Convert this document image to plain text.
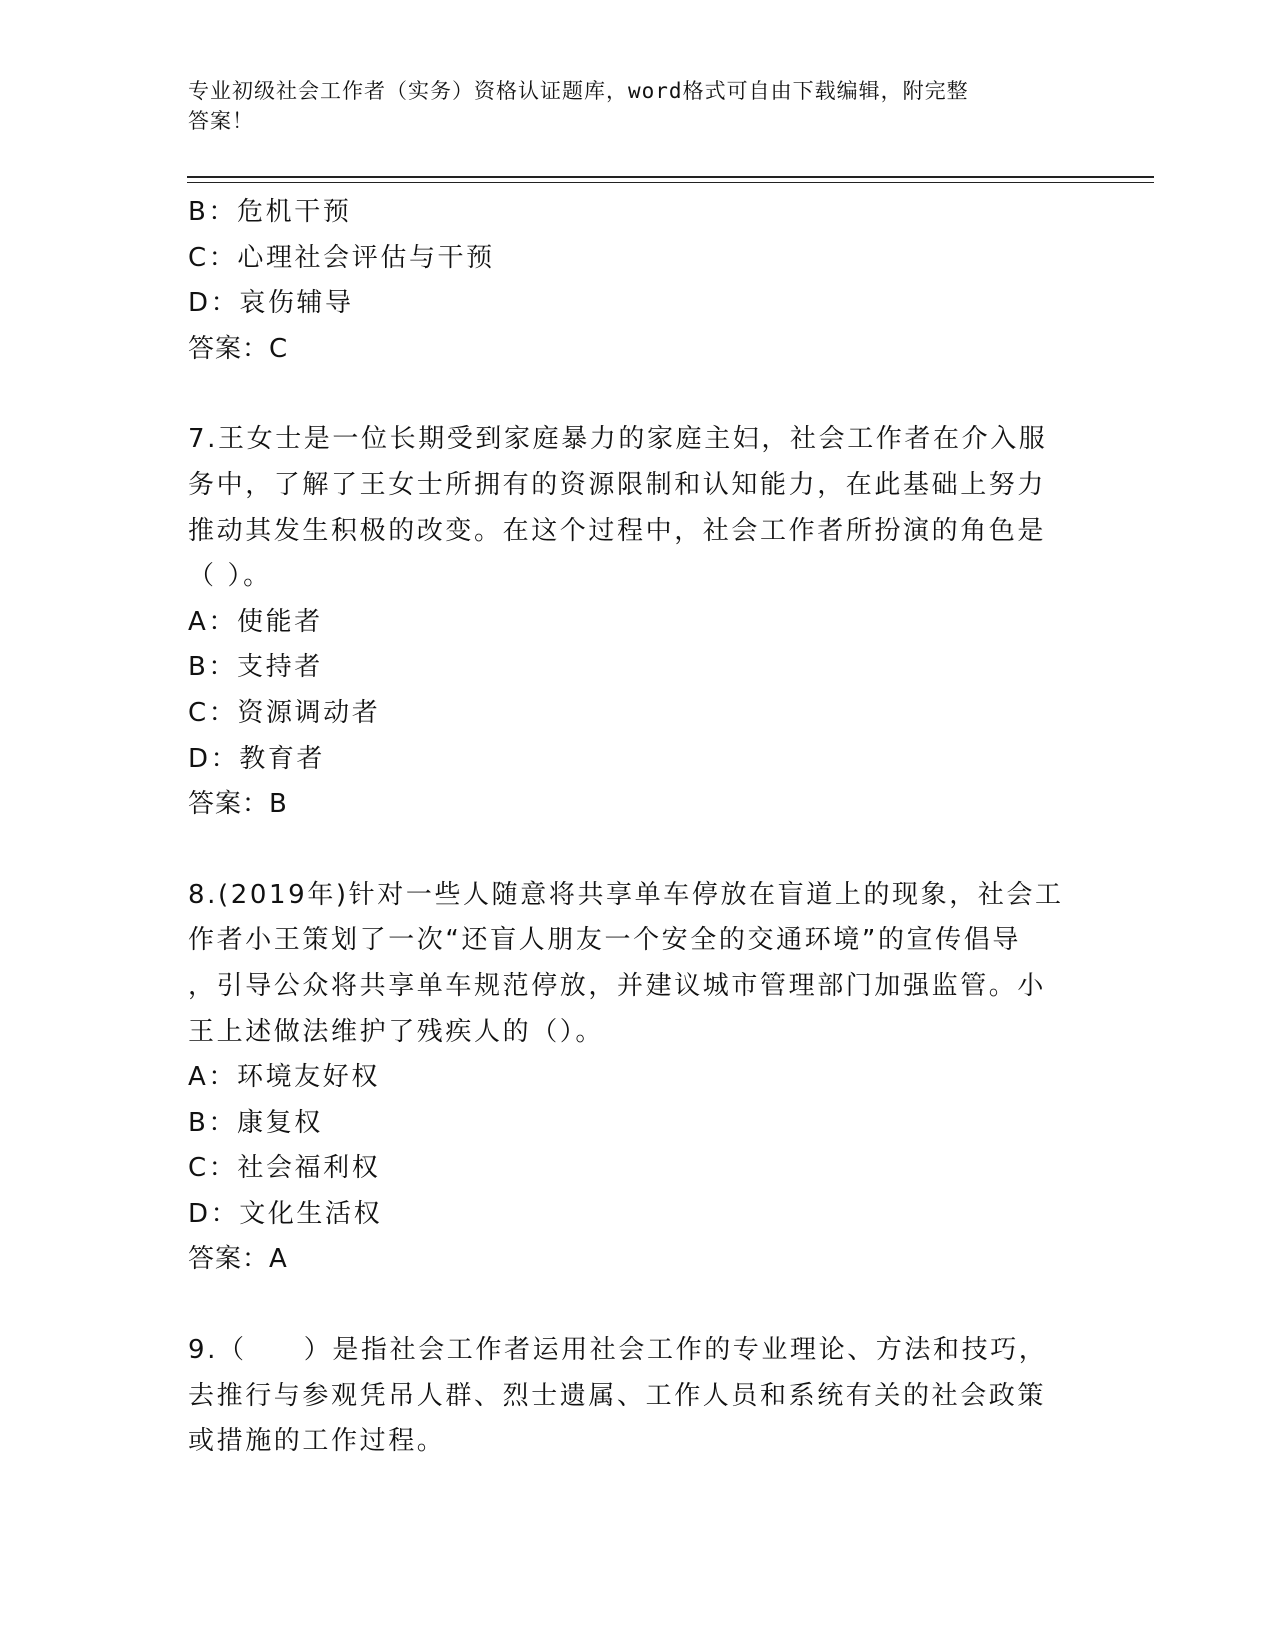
专业初级社会工作者（实务）资格认证题库，word格式可自由下载编辑，附完整
答案！
B：危机干预
C：心理社会评估与干预
D：哀伤辅导
答案：C
7.王女士是一位长期受到家庭暴力的家庭主妇，社会工作者在介入服
务中，了解了王女士所拥有的资源限制和认知能力，在此基础上努力
推动其发生积极的改变。在这个过程中，社会工作者所扮演的角色是
（ ）。
A：使能者
B：支持者
C：资源调动者
D：教育者
答案：B
8.(2019年)针对一些人随意将共享单车停放在盲道上的现象，社会工
作者小王策划了一次“还盲人朋友一个安全的交通环境”的宣传倡导
，引导公众将共享单车规范停放，并建议城市管理部门加强监管。小
王上述做法维护了残疾人的（）。
A：环境友好权
B：康复权
C：社会福利权
D：文化生活权
答案：A
9.（　　）是指社会工作者运用社会工作的专业理论、方法和技巧，
去推行与参观凭吊人群、烈士遗属、工作人员和系统有关的社会政策
或措施的工作过程。
